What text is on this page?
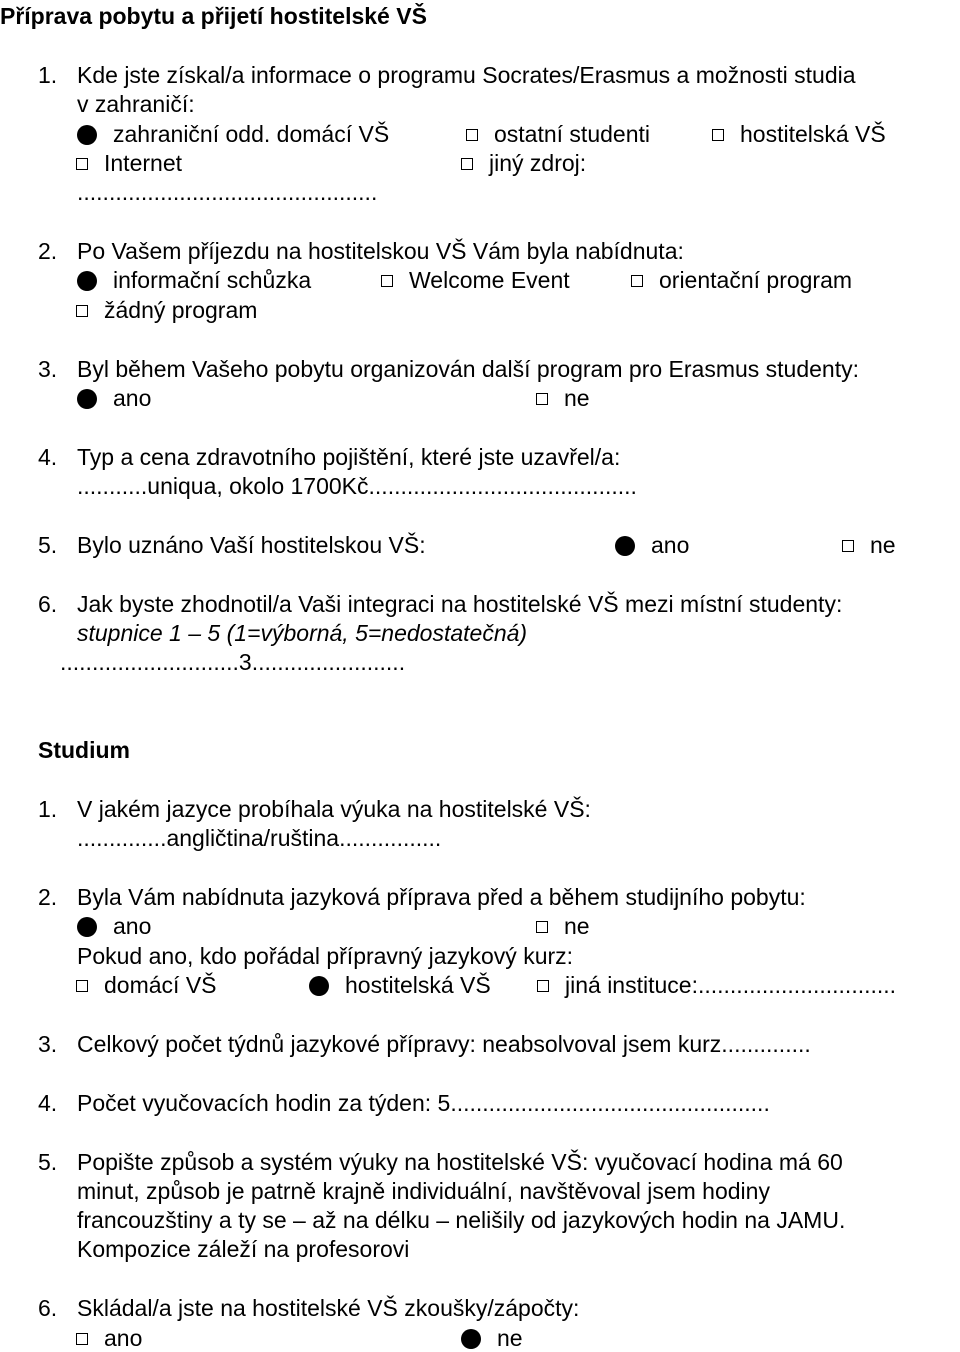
Příprava pobytu a přijetí hostitelské VŠ
1. Kde jste získal/a informace o programu Socrates/Erasmus a možnosti studia
v zahraničí:
zahraniční odd. domácí VŠ	ostatní studenti	hostitelská VŠ
Internet	jiný zdroj:
...............................................
2. Po Vašem příjezdu na hostitelskou VŠ Vám byla nabídnuta:
informační schůzka	Welcome Event	orientační program
žádný program
3. Byl během Vašeho pobytu organizován další program pro Erasmus studenty:
ano	ne
4. Typ a cena zdravotního pojištění, které jste uzavřel/a:
...........uniqua, okolo 1700Kč..........................................
5. Bylo uznáno Vaší hostitelskou VŠ:	ano	ne
6. Jak byste zhodnotil/a Vaši integraci na hostitelské VŠ mezi místní studenty:
stupnice 1 – 5 (1=výborná, 5=nedostatečná)
............................3........................
Studium
1. V jakém jazyce probíhala výuka na hostitelské VŠ:
..............angličtina/ruština................
2. Byla Vám nabídnuta jazyková příprava před a během studijního pobytu:
ano	ne
Pokud ano, kdo pořádal přípravný jazykový kurz:
domácí VŠ	hostitelská VŠ	jiná instituce:...............................
3. Celkový počet týdnů jazykové přípravy: neabsolvoval jsem kurz..............
4. Počet vyučovacích hodin za týden: 5..................................................
5. Popište způsob a systém výuky na hostitelské VŠ: vyučovací hodina má 60
minut, způsob je patrně krajně individuální, navštěvoval jsem hodiny
francouzštiny a ty se – až na délku – nelišily od jazykových hodin na JAMU.
Kompozice záleží na profesorovi
6. Skládal/a jste na hostitelské VŠ zkoušky/zápočty:
ano	ne
